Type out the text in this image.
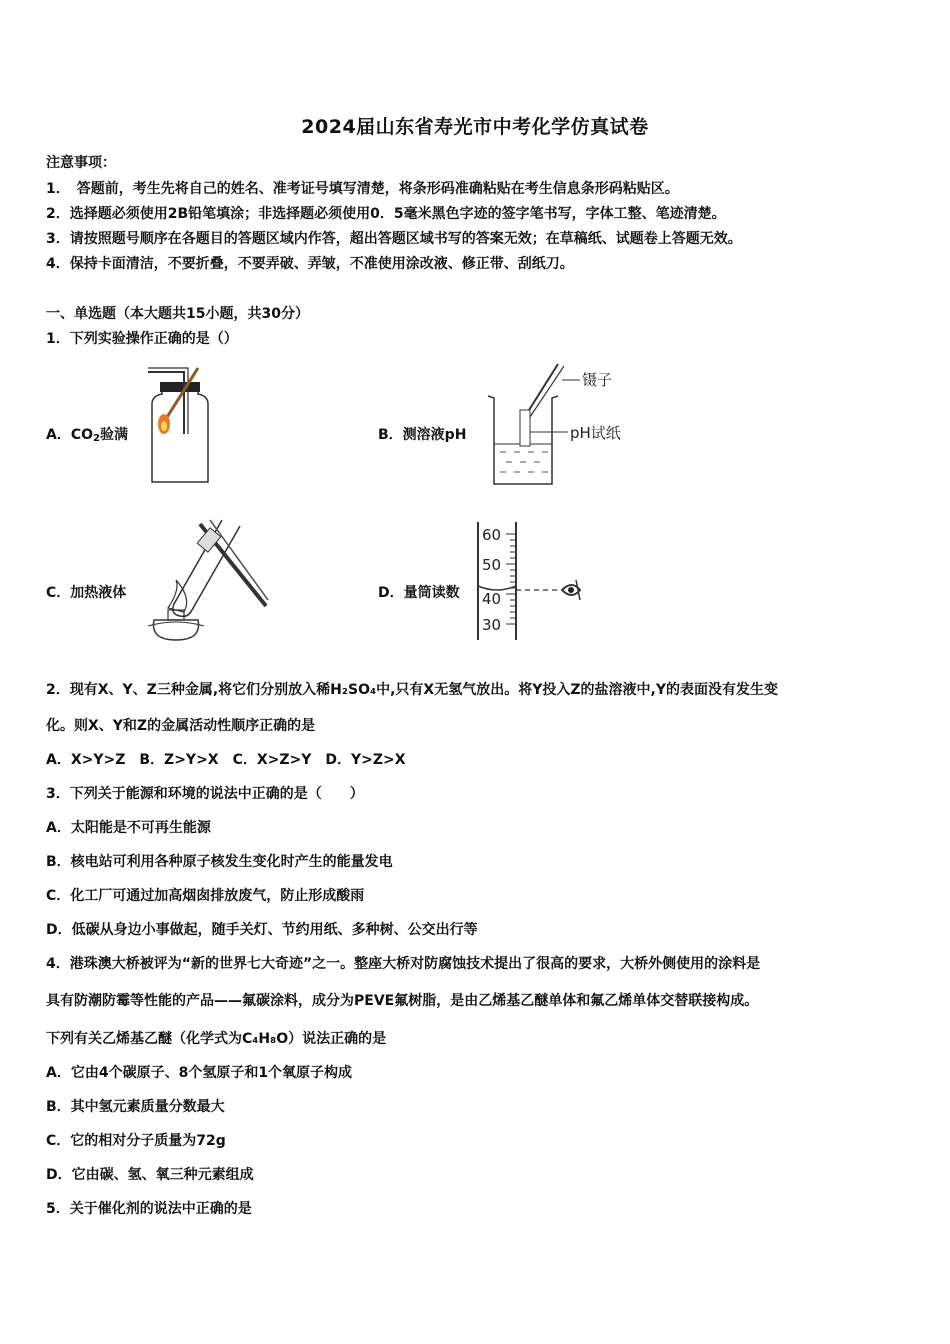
2024届山东省寿光市中考化学仿真试卷
注意事项：
1．　答题前，考生先将自己的姓名、准考证号填写清楚，将条形码准确粘贴在考生信息条形码粘贴区。
2．选择题必须使用2B铅笔填涂；非选择题必须使用0．5毫米黑色字迹的签字笔书写，字体工整、笔迹清楚。
3．请按照题号顺序在各题目的答题区域内作答，超出答题区域书写的答案无效；在草稿纸、试题卷上答题无效。
4．保持卡面清洁，不要折叠，不要弄破、弄皱，不准使用涂改液、修正带、刮纸刀。
一、单选题（本大题共15小题，共30分）
1．下列实验操作正确的是（）
A．$CO_2$验满	B．测溶液pH
镊子
pH试纸
C．加热液体	D．量筒读数
60
50
40
30
2．现有X、Y、Z三种金属,将它们分别放入稀H₂SO₄中,只有X无氢气放出。将Y投入Z的盐溶液中,Y的表面没有发生变
化。则X、Y和Z的金属活动性顺序正确的是
A．X>Y>Z　B．Z>Y>X　C．X>Z>Y　D．Y>Z>X
3．下列关于能源和环境的说法中正确的是（　　）
A．太阳能是不可再生能源
B．核电站可利用各种原子核发生变化时产生的能量发电
C．化工厂可通过加高烟囱排放废气，防止形成酸雨
D．低碳从身边小事做起，随手关灯、节约用纸、多种树、公交出行等
4．港珠澳大桥被评为“新的世界七大奇迹”之一。整座大桥对防腐蚀技术提出了很高的要求，大桥外侧使用的涂料是
具有防潮防霉等性能的产品——氟碳涂料，成分为PEVE氟树脂，是由乙烯基乙醚单体和氟乙烯单体交替联接构成。
下列有关乙烯基乙醚（化学式为C₄H₈O）说法正确的是
A．它由4个碳原子、8个氢原子和1个氧原子构成
B．其中氢元素质量分数最大
C．它的相对分子质量为72g
D．它由碳、氢、氧三种元素组成
5．关于催化剂的说法中正确的是
